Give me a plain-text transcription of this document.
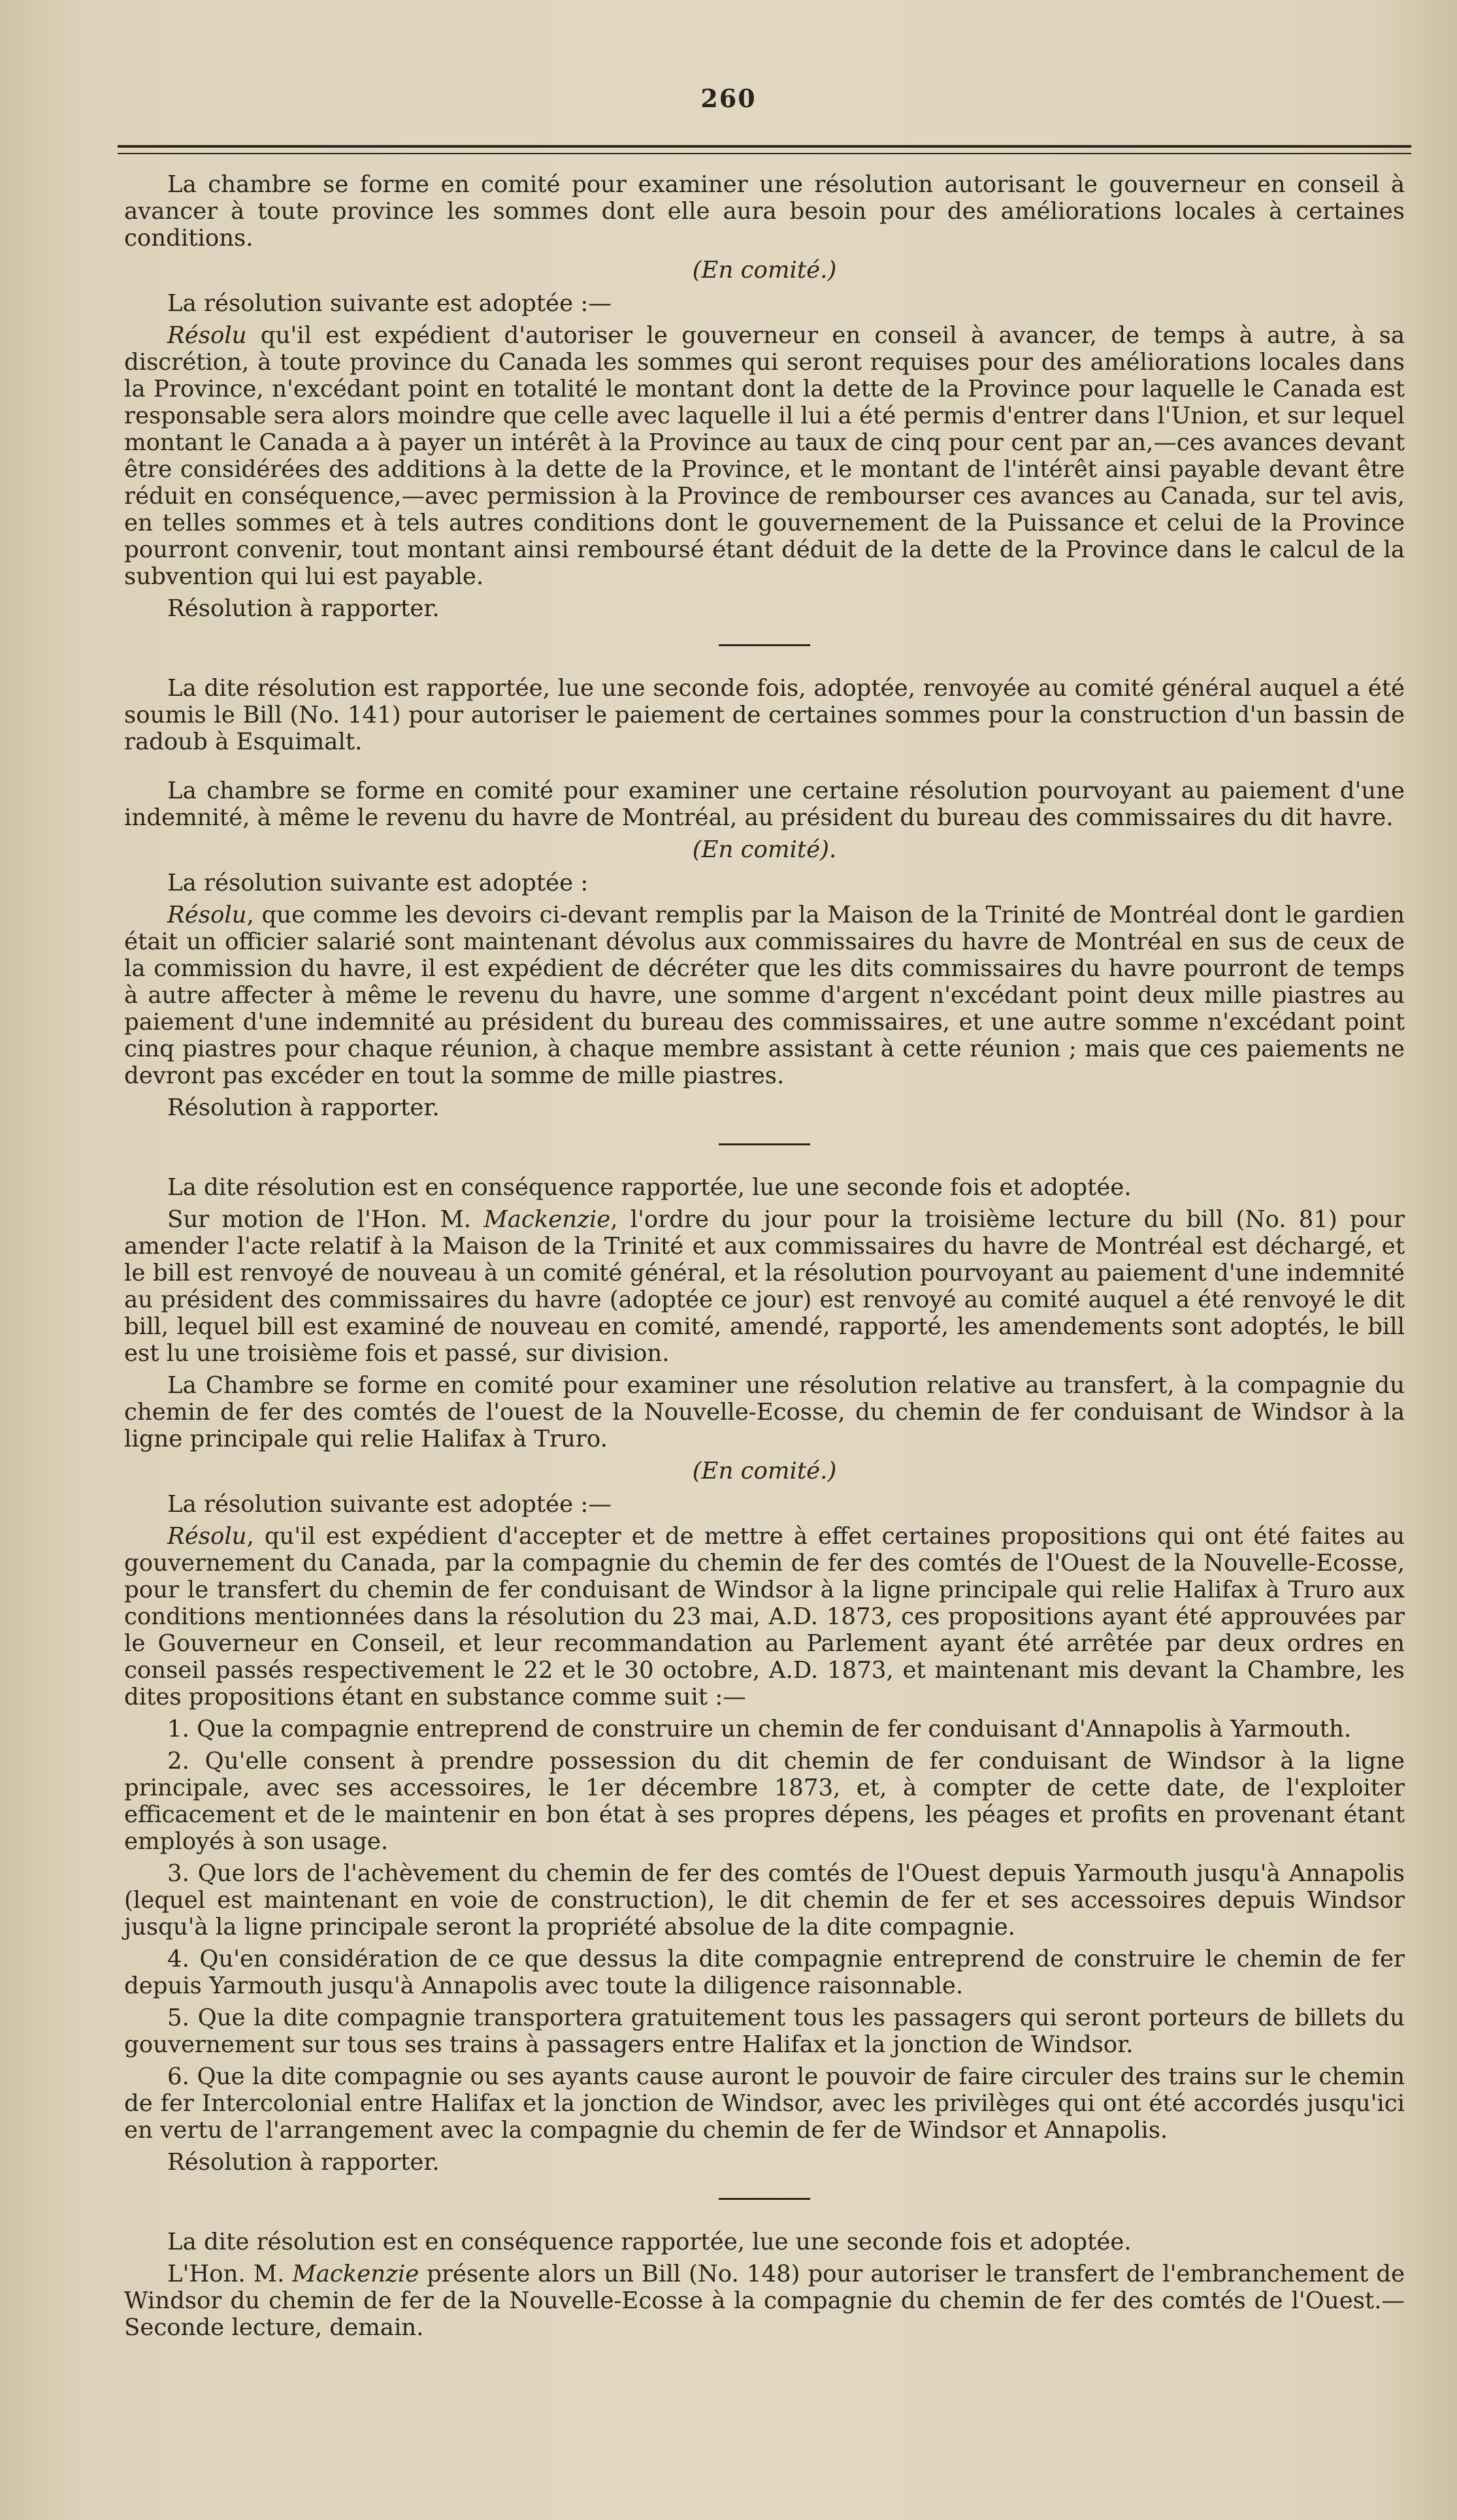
260

La chambre se forme en comité pour examiner une résolution autorisant le gouverneur en conseil à avancer à toute province les sommes dont elle aura besoin pour des améliorations locales à certaines conditions.

(En comité.)

La résolution suivante est adoptée :—

Résolu qu'il est expédient d'autoriser le gouverneur en conseil à avancer, de temps à autre, à sa discrétion, à toute province du Canada les sommes qui seront requises pour des améliorations locales dans la Province, n'excédant point en totalité le montant dont la dette de la Province pour laquelle le Canada est responsable sera alors moindre que celle avec laquelle il lui a été permis d'entrer dans l'Union, et sur lequel montant le Canada a à payer un intérêt à la Province au taux de cinq pour cent par an,—ces avances devant être considérées des additions à la dette de la Province, et le montant de l'intérêt ainsi payable devant être réduit en conséquence,—avec permission à la Province de rembourser ces avances au Canada, sur tel avis, en telles sommes et à tels autres conditions dont le gouvernement de la Puissance et celui de la Province pourront convenir, tout montant ainsi remboursé étant déduit de la dette de la Province dans le calcul de la subvention qui lui est payable.

Résolution à rapporter.

La dite résolution est rapportée, lue une seconde fois, adoptée, renvoyée au comité général auquel a été soumis le Bill (No. 141) pour autoriser le paiement de certaines sommes pour la construction d'un bassin de radoub à Esquimalt.

La chambre se forme en comité pour examiner une certaine résolution pourvoyant au paiement d'une indemnité, à même le revenu du havre de Montréal, au président du bureau des commissaires du dit havre.

(En comité).

La résolution suivante est adoptée :

Résolu, que comme les devoirs ci-devant remplis par la Maison de la Trinité de Montréal dont le gardien était un officier salarié sont maintenant dévolus aux commissaires du havre de Montréal en sus de ceux de la commission du havre, il est expédient de décréter que les dits commissaires du havre pourront de temps à autre affecter à même le revenu du havre, une somme d'argent n'excédant point deux mille piastres au paiement d'une indemnité au président du bureau des commissaires, et une autre somme n'excédant point cinq piastres pour chaque réunion, à chaque membre assistant à cette réunion ; mais que ces paiements ne devront pas excéder en tout la somme de mille piastres.

Résolution à rapporter.

La dite résolution est en conséquence rapportée, lue une seconde fois et adoptée.

Sur motion de l'Hon. M. Mackenzie, l'ordre du jour pour la troisième lecture du bill (No. 81) pour amender l'acte relatif à la Maison de la Trinité et aux commissaires du havre de Montréal est déchargé, et le bill est renvoyé de nouveau à un comité général, et la résolution pourvoyant au paiement d'une indemnité au président des commissaires du havre (adoptée ce jour) est renvoyé au comité auquel a été renvoyé le dit bill, lequel bill est examiné de nouveau en comité, amendé, rapporté, les amendements sont adoptés, le bill est lu une troisième fois et passé, sur division.

La Chambre se forme en comité pour examiner une résolution relative au transfert, à la compagnie du chemin de fer des comtés de l'ouest de la Nouvelle-Ecosse, du chemin de fer conduisant de Windsor à la ligne principale qui relie Halifax à Truro.

(En comité.)

La résolution suivante est adoptée :—

Résolu, qu'il est expédient d'accepter et de mettre à effet certaines propositions qui ont été faites au gouvernement du Canada, par la compagnie du chemin de fer des comtés de l'Ouest de la Nouvelle-Ecosse, pour le transfert du chemin de fer conduisant de Windsor à la ligne principale qui relie Halifax à Truro aux conditions mentionnées dans la résolution du 23 mai, A.D. 1873, ces propositions ayant été approuvées par le Gouverneur en Conseil, et leur recommandation au Parlement ayant été arrêtée par deux ordres en conseil passés respectivement le 22 et le 30 octobre, A.D. 1873, et maintenant mis devant la Chambre, les dites propositions étant en substance comme suit :—

1. Que la compagnie entreprend de construire un chemin de fer conduisant d'Annapolis à Yarmouth.

2. Qu'elle consent à prendre possession du dit chemin de fer conduisant de Windsor à la ligne principale, avec ses accessoires, le 1er décembre 1873, et, à compter de cette date, de l'exploiter efficacement et de le maintenir en bon état à ses propres dépens, les péages et profits en provenant étant employés à son usage.

3. Que lors de l'achèvement du chemin de fer des comtés de l'Ouest depuis Yarmouth jusqu'à Annapolis (lequel est maintenant en voie de construction), le dit chemin de fer et ses accessoires depuis Windsor jusqu'à la ligne principale seront la propriété absolue de la dite compagnie.

4. Qu'en considération de ce que dessus la dite compagnie entreprend de construire le chemin de fer depuis Yarmouth jusqu'à Annapolis avec toute la diligence raisonnable.

5. Que la dite compagnie transportera gratuitement tous les passagers qui seront porteurs de billets du gouvernement sur tous ses trains à passagers entre Halifax et la jonction de Windsor.

6. Que la dite compagnie ou ses ayants cause auront le pouvoir de faire circuler des trains sur le chemin de fer Intercolonial entre Halifax et la jonction de Windsor, avec les privilèges qui ont été accordés jusqu'ici en vertu de l'arrangement avec la compagnie du chemin de fer de Windsor et Annapolis.

Résolution à rapporter.

La dite résolution est en conséquence rapportée, lue une seconde fois et adoptée.

L'Hon. M. Mackenzie présente alors un Bill (No. 148) pour autoriser le transfert de l'embranchement de Windsor du chemin de fer de la Nouvelle-Ecosse à la compagnie du chemin de fer des comtés de l'Ouest.—Seconde lecture, demain.
